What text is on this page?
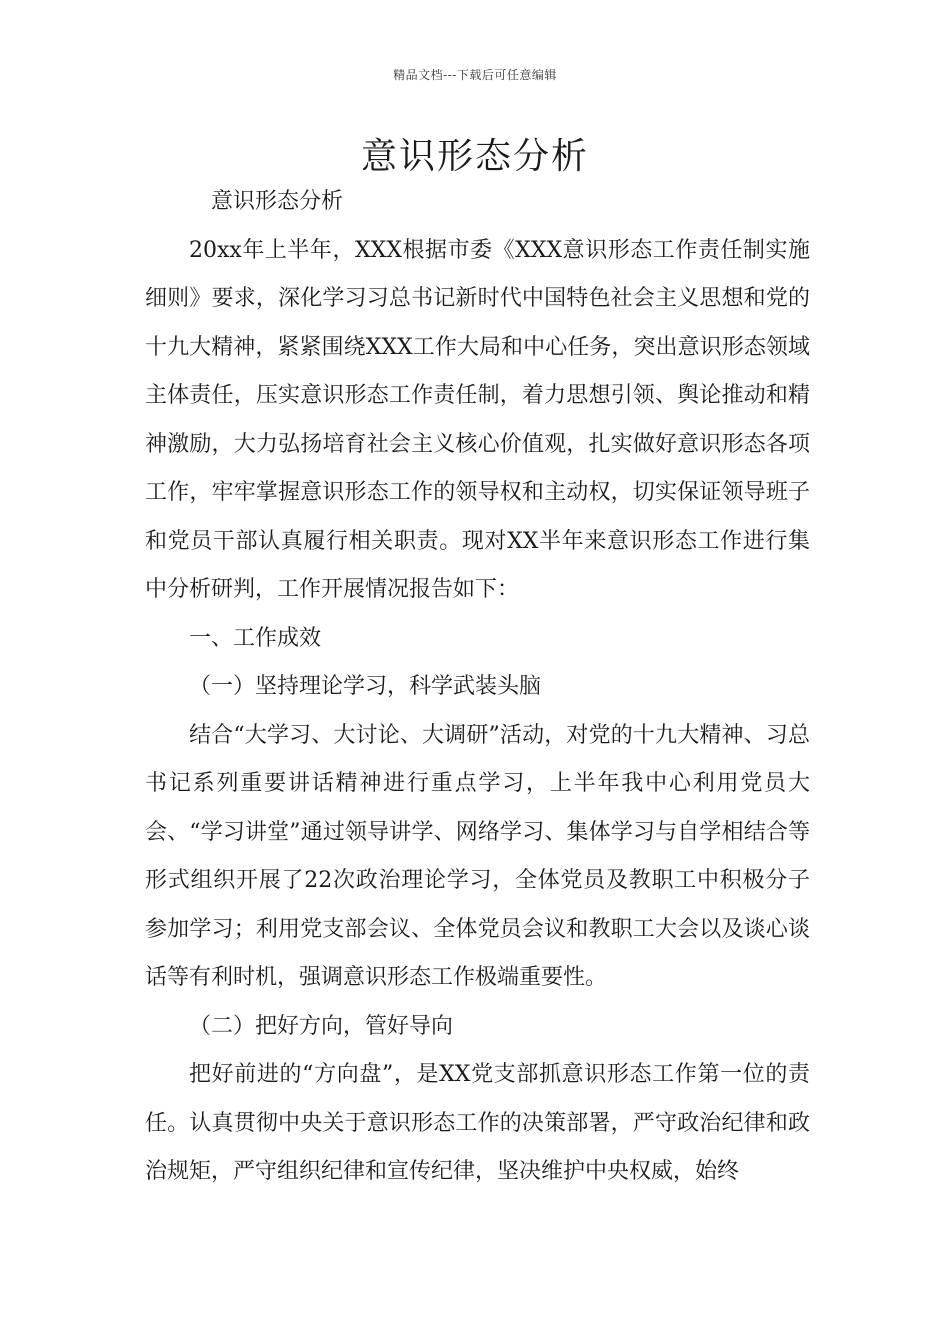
精品文档---下载后可任意编辑
意识形态分析

意识形态分析

20xx年上半年，XXX根据市委《XXX意识形态工作责任制实施细则》要求，深化学习习总书记新时代中国特色社会主义思想和党的十九大精神，紧紧围绕XXX工作大局和中心任务，突出意识形态领域主体责任，压实意识形态工作责任制，着力思想引领、舆论推动和精神激励，大力弘扬培育社会主义核心价值观，扎实做好意识形态各项工作，牢牢掌握意识形态工作的领导权和主动权，切实保证领导班子和党员干部认真履行相关职责。现对XX半年来意识形态工作进行集中分析研判，工作开展情况报告如下：

一、工作成效

（一）坚持理论学习，科学武装头脑

结合“大学习、大讨论、大调研”活动，对党的十九大精神、习总书记系列重要讲话精神进行重点学习，上半年我中心利用党员大会、“学习讲堂”通过领导讲学、网络学习、集体学习与自学相结合等形式组织开展了22次政治理论学习，全体党员及教职工中积极分子参加学习；利用党支部会议、全体党员会议和教职工大会以及谈心谈话等有利时机，强调意识形态工作极端重要性。

（二）把好方向，管好导向

把好前进的“方向盘”，是XX党支部抓意识形态工作第一位的责任。认真贯彻中央关于意识形态工作的决策部署，严守政治纪律和政治规矩，严守组织纪律和宣传纪律，坚决维护中央权威，始终
